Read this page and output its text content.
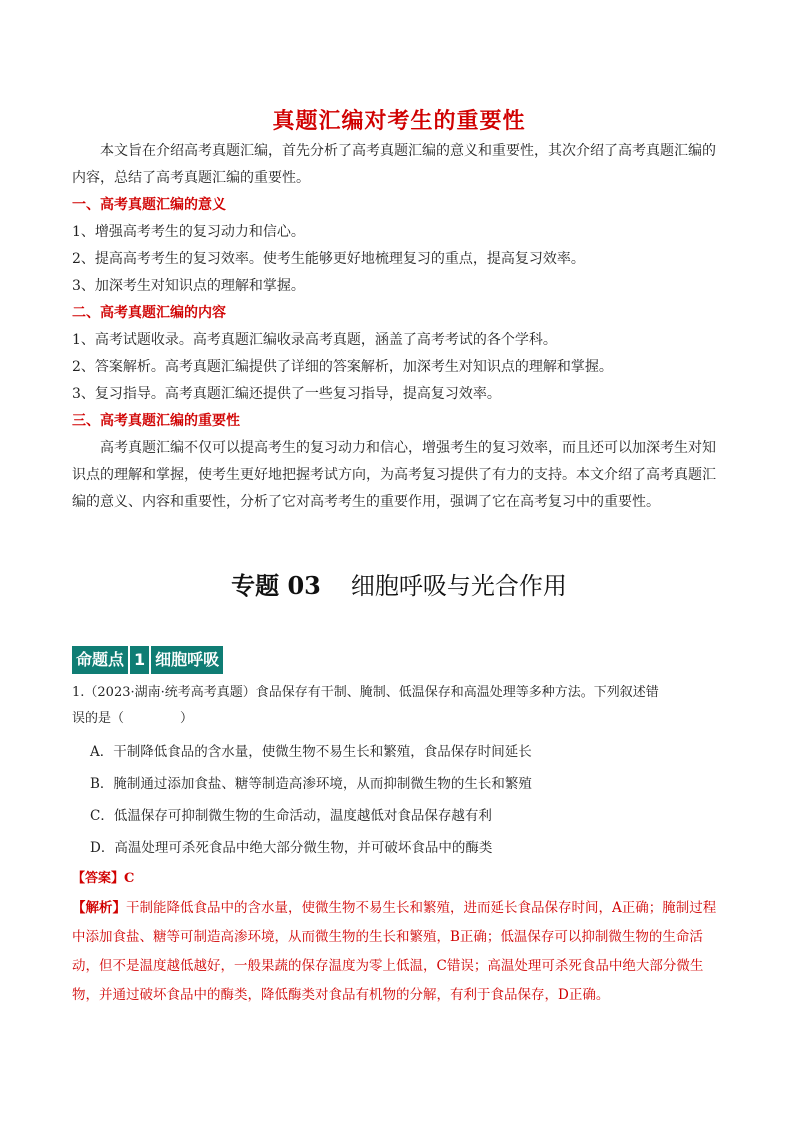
真题汇编对考生的重要性

本文旨在介绍高考真题汇编，首先分析了高考真题汇编的意义和重要性，其次介绍了高考真题汇编的内容，总结了高考真题汇编的重要性。

一、高考真题汇编的意义

1、增强高考考生的复习动力和信心。

2、提高高考考生的复习效率。使考生能够更好地梳理复习的重点，提高复习效率。

3、加深考生对知识点的理解和掌握。

二、高考真题汇编的内容

1、高考试题收录。高考真题汇编收录高考真题，涵盖了高考考试的各个学科。

2、答案解析。高考真题汇编提供了详细的答案解析，加深考生对知识点的理解和掌握。

3、复习指导。高考真题汇编还提供了一些复习指导，提高复习效率。

三、高考真题汇编的重要性

高考真题汇编不仅可以提高考生的复习动力和信心，增强考生的复习效率，而且还可以加深考生对知识点的理解和掌握，使考生更好地把握考试方向，为高考复习提供了有力的支持。本文介绍了高考真题汇编的意义、内容和重要性，分析了它对高考考生的重要作用，强调了它在高考复习中的重要性。

专题 03 细胞呼吸与光合作用
命题点 1 细胞呼吸

1.（2023·湖南·统考高考真题）食品保存有干制、腌制、低温保存和高温处理等多种方法。下列叙述错

误的是（	）

A．干制降低食品的含水量，使微生物不易生长和繁殖，食品保存时间延长

B．腌制通过添加食盐、糖等制造高渗环境，从而抑制微生物的生长和繁殖

C．低温保存可抑制微生物的生命活动，温度越低对食品保存越有利

D．高温处理可杀死食品中绝大部分微生物，并可破坏食品中的酶类

【答案】C

【解析】干制能降低食品中的含水量，使微生物不易生长和繁殖，进而延长食品保存时间，A正确；腌制过程中添加食盐、糖等可制造高渗环境，从而微生物的生长和繁殖，B正确；低温保存可以抑制微生物的生命活动，但不是温度越低越好，一般果蔬的保存温度为零上低温，C错误；高温处理可杀死食品中绝大部分微生物，并通过破坏食品中的酶类，降低酶类对食品有机物的分解，有利于食品保存，D正确。
